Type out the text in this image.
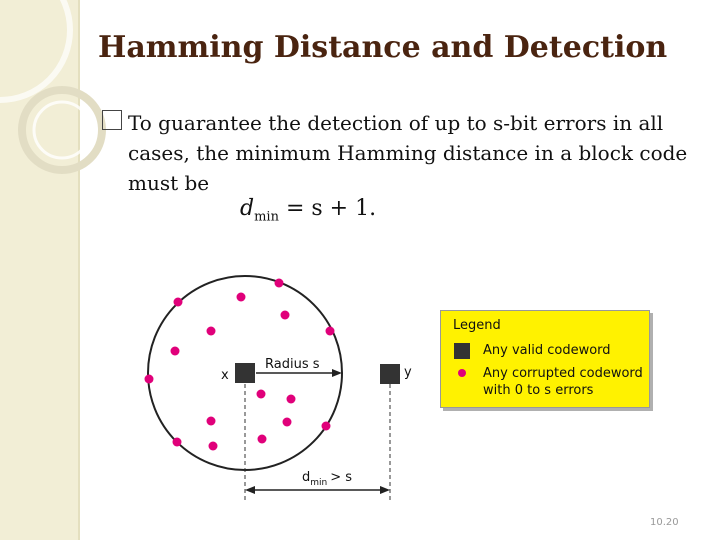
Hamming Distance and Detection
To guarantee the detection of up to s-bit errors in all cases, the minimum Hamming distance in a block code must be
$d_{min} = s + 1$.
Radius s
x	y
$d_{min} > s$
Legend
Any valid codeword
Any corrupted codeword with 0 to s errors
10.20
